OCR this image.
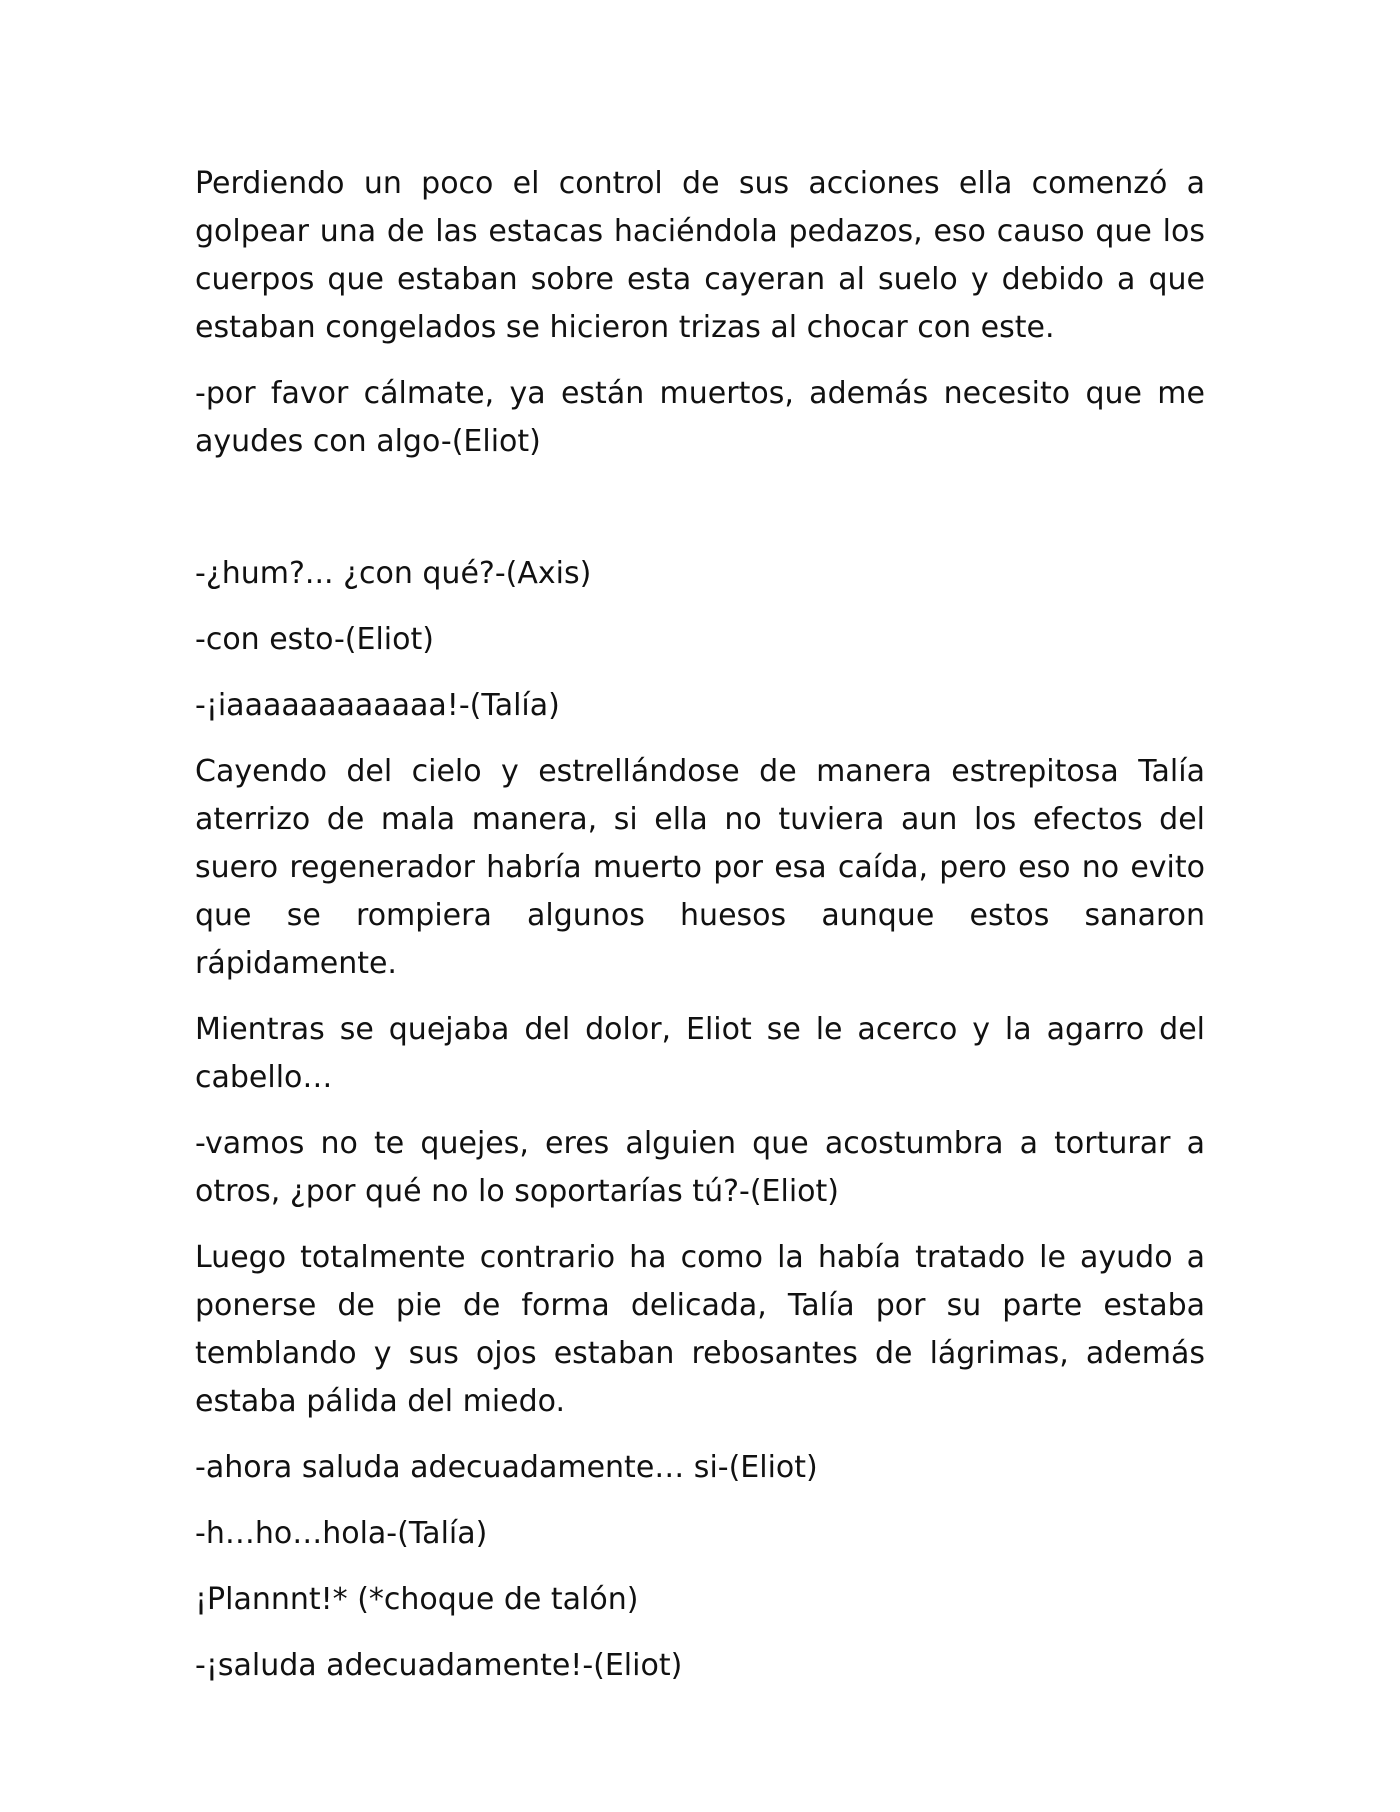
Perdiendo un poco el control de sus acciones ella comenzó a golpear una de las estacas haciéndola pedazos, eso causo que los cuerpos que estaban sobre esta cayeran al suelo y debido a que estaban congelados se hicieron trizas al chocar con este.

-por favor cálmate, ya están muertos, además necesito que me ayudes con algo-(Eliot)

-¿hum?... ¿con qué?-(Axis)

-con esto-(Eliot)

-¡iaaaaaaaaaaaa!-(Talía)

Cayendo del cielo y estrellándose de manera estrepitosa Talía aterrizo de mala manera, si ella no tuviera aun los efectos del suero regenerador habría muerto por esa caída, pero eso no evito que se rompiera algunos huesos aunque estos sanaron rápidamente.

Mientras se quejaba del dolor, Eliot se le acerco y la agarro del cabello…

-vamos no te quejes, eres alguien que acostumbra a torturar a otros, ¿por qué no lo soportarías tú?-(Eliot)

Luego totalmente contrario ha como la había tratado le ayudo a ponerse de pie de forma delicada, Talía por su parte estaba temblando y sus ojos estaban rebosantes de lágrimas, además estaba pálida del miedo.

-ahora saluda adecuadamente… si-(Eliot)

-h…ho…hola-(Talía)

¡Plannnt!* (*choque de talón)

-¡saluda adecuadamente!-(Eliot)
